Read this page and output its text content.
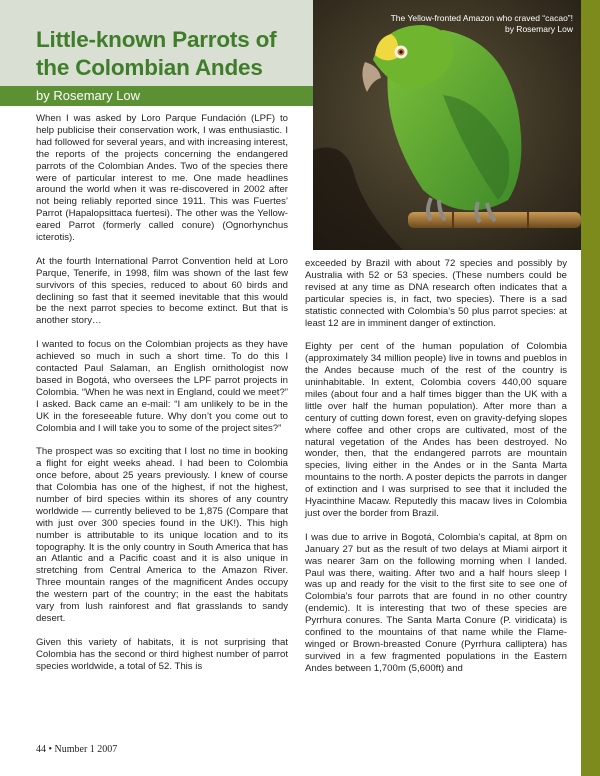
Little-known Parrots of the Colombian Andes
by Rosemary Low
The Yellow-fronted Amazon who craved “cacao”!
by Rosemary Low

When I was asked by Loro Parque Fundación (LPF) to help publicise their conservation work, I was enthusiastic. I had followed for several years, and with increasing interest, the reports of the projects concerning the endangered parrots of the Colombian Andes. Two of the species there were of particular interest to me. One made headlines around the world when it was re-discovered in 2002 after not being reliably reported since 1911. This was Fuertes’ Parrot (Hapalopsittaca fuertesi). The other was the Yellow-eared Parrot (formerly called conure) (Ognorhynchus icterotis).

At the fourth International Parrot Convention held at Loro Parque, Tenerife, in 1998, film was shown of the last few survivors of this species, reduced to about 60 birds and declining so fast that it seemed inevitable that this would be the next parrot species to become extinct. But that is another story…

I wanted to focus on the Colombian projects as they have achieved so much in such a short time. To do this I contacted Paul Salaman, an English ornithologist now based in Bogotá, who oversees the LPF parrot projects in Colombia. “When he was next in England, could we meet?” I asked. Back came an e-mail: “I am unlikely to be in the UK in the foreseeable future. Why don’t you come out to Colombia and I will take you to some of the project sites?”

The prospect was so exciting that I lost no time in booking a flight for eight weeks ahead. I had been to Colombia once before, about 25 years previously. I knew of course that Colombia has one of the highest, if not the highest, number of bird species within its shores of any country worldwide — currently believed to be 1,875 (Compare that with just over 300 species found in the UK!). This high number is attributable to its unique location and to its topography. It is the only country in South America that has an Atlantic and a Pacific coast and it is also unique in stretching from Central America to the Amazon River. Three mountain ranges of the magnificent Andes occupy the western part of the country; in the east the habitats vary from lush rainforest and flat grasslands to sandy desert.

Given this variety of habitats, it is not surprising that Colombia has the second or third highest number of parrot species worldwide, a total of 52. This is

exceeded by Brazil with about 72 species and possibly by Australia with 52 or 53 species. (These numbers could be revised at any time as DNA research often indicates that a particular species is, in fact, two species). There is a sad statistic connected with Colombia’s 50 plus parrot species: at least 12 are in imminent danger of extinction.

Eighty per cent of the human population of Colombia (approximately 34 million people) live in towns and pueblos in the Andes because much of the rest of the country is uninhabitable. In extent, Colombia covers 440,00 square miles (about four and a half times bigger than the UK with a little over half the human population). After more than a century of cutting down forest, even on gravity-defying slopes where coffee and other crops are cultivated, most of the natural vegetation of the Andes has been destroyed. No wonder, then, that the endangered parrots are mountain species, living either in the Andes or in the Santa Marta mountains to the north. A poster depicts the parrots in danger of extinction and I was surprised to see that it included the Hyacinthine Macaw. Reputedly this macaw lives in Colombia just over the border from Brazil.

I was due to arrive in Bogotá, Colombia’s capital, at 8pm on January 27 but as the result of two delays at Miami airport it was nearer 3am on the following morning when I landed. Paul was there, waiting. After two and a half hours sleep I was up and ready for the visit to the first site to see one of Colombia’s four parrots that are found in no other country (endemic). It is interesting that two of these species are Pyrrhura conures. The Santa Marta Conure (P. viridicata) is confined to the mountains of that name while the Flame-winged or Brown-breasted Conure (Pyrrhura calliptera) has survived in a few fragmented populations in the Eastern Andes between 1,700m (5,600ft) and

44 • Number 1 2007
